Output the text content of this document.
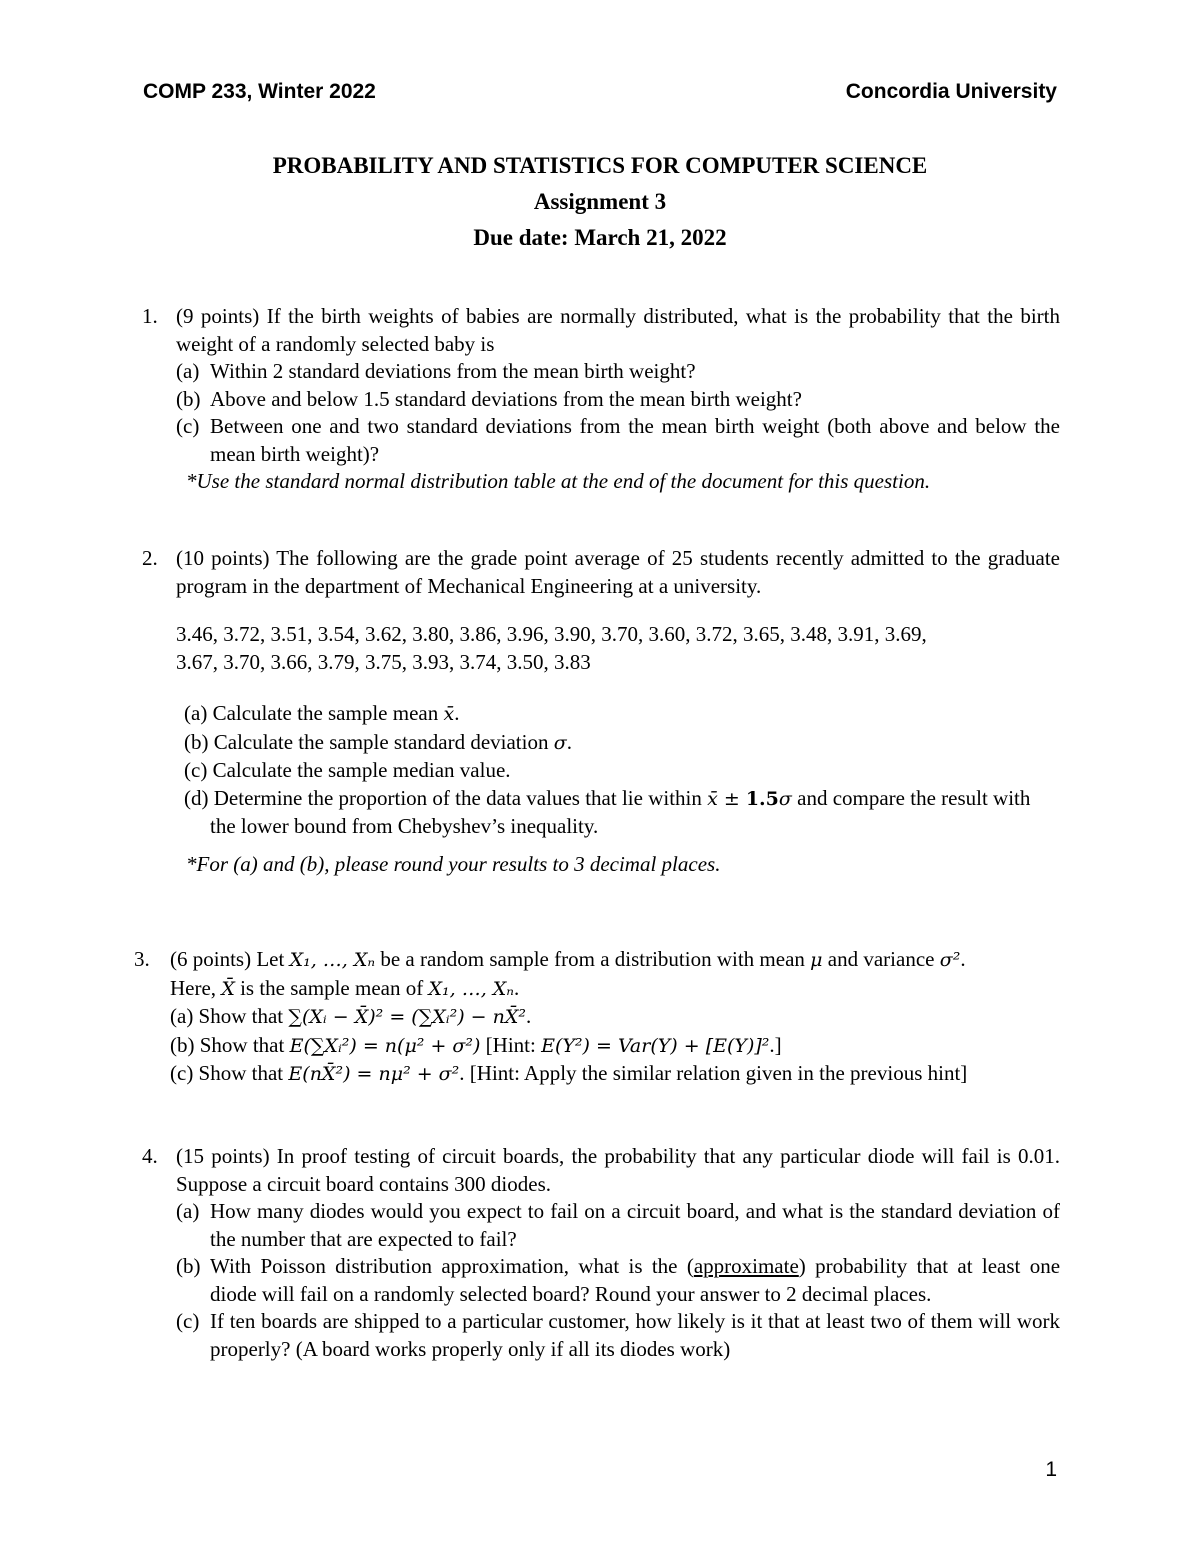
COMP 233, Winter 2022	Concordia University
PROBABILITY AND STATISTICS FOR COMPUTER SCIENCE
Assignment 3
Due date: March 21, 2022
1. (9 points) If the birth weights of babies are normally distributed, what is the probability that the birth weight of a randomly selected baby is
(a) Within 2 standard deviations from the mean birth weight?
(b) Above and below 1.5 standard deviations from the mean birth weight?
(c) Between one and two standard deviations from the mean birth weight (both above and below the mean birth weight)?
*Use the standard normal distribution table at the end of the document for this question.
2. (10 points) The following are the grade point average of 25 students recently admitted to the graduate program in the department of Mechanical Engineering at a university.
3.46, 3.72, 3.51, 3.54, 3.62, 3.80, 3.86, 3.96, 3.90, 3.70, 3.60, 3.72, 3.65, 3.48, 3.91, 3.69,
3.67, 3.70, 3.66, 3.79, 3.75, 3.93, 3.74, 3.50, 3.83
(a) Calculate the sample mean x̄.
(b) Calculate the sample standard deviation σ.
(c) Calculate the sample median value.
(d) Determine the proportion of the data values that lie within x̄ ± 1.5σ and compare the result with the lower bound from Chebyshev’s inequality.
*For (a) and (b), please round your results to 3 decimal places.
3. (6 points) Let X₁, …, Xₙ be a random sample from a distribution with mean μ and variance σ².
Here, X̄ is the sample mean of X₁, …, Xₙ.
(a) Show that ∑(Xᵢ − X̄)² = (∑Xᵢ²) − nX̄².
(b) Show that E(∑Xᵢ²) = n(μ² + σ²) [Hint: E(Y²) = Var(Y) + [E(Y)]².]
(c) Show that E(nX̄²) = nμ² + σ². [Hint: Apply the similar relation given in the previous hint]
4. (15 points) In proof testing of circuit boards, the probability that any particular diode will fail is 0.01. Suppose a circuit board contains 300 diodes.
(a) How many diodes would you expect to fail on a circuit board, and what is the standard deviation of the number that are expected to fail?
(b) With Poisson distribution approximation, what is the (approximate) probability that at least one diode will fail on a randomly selected board? Round your answer to 2 decimal places.
(c) If ten boards are shipped to a particular customer, how likely is it that at least two of them will work properly? (A board works properly only if all its diodes work)
1
